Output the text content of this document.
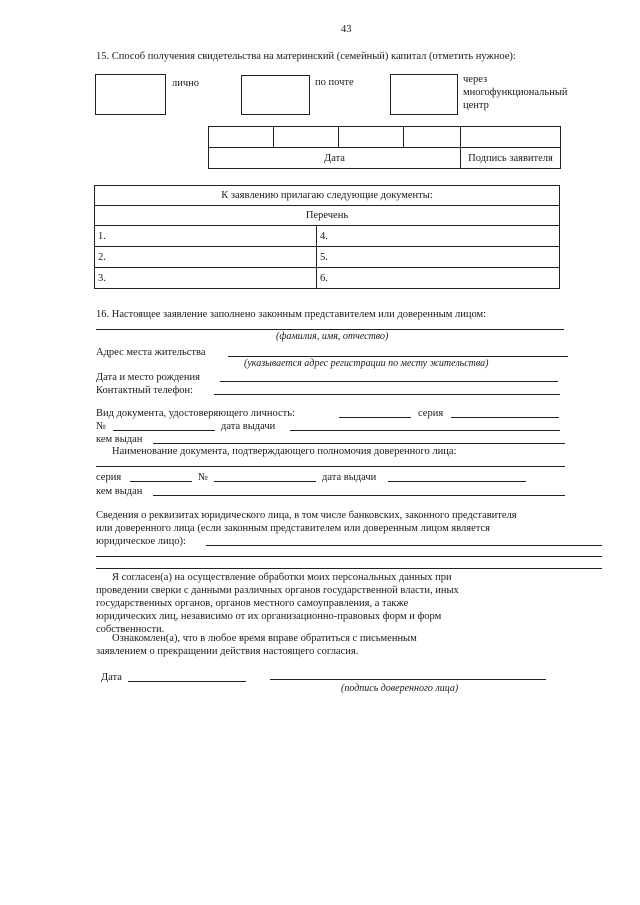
43
15. Способ получения свидетельства на материнский (семейный) капитал (отметить нужное):
лично	по почте	через
многофункциональный
центр

Дата				Подпись заявителя
К заявлению прилагаю следующие документы:	
Перечень	
1.	4.
2.	5.
3.	6.
16. Настоящее заявление заполнено законным представителем или доверенным лицом:
(фамилия, имя, отчество)
Адрес места жительства
(указывается адрес регистрации по месту жительства)
Дата и место рождения
Контактный телефон:
Вид документа, удостоверяющего личность:	серия
№	дата выдачи
кем выдан
Наименование документа, подтверждающего полномочия доверенного лица:
серия	№	дата выдачи
кем выдан
Сведения о реквизитах юридического лица, в том числе банковских, законного представителя
или доверенного лица (если законным представителем или доверенным лицом является
юридическое лицо):
Я согласен(а) на осуществление обработки моих персональных данных при
проведении сверки с данными различных органов государственной власти, иных
государственных органов, органов местного самоуправления, а также
юридических лиц, независимо от их организационно-правовых форм и форм
собственности.
Ознакомлен(а), что в любое время вправе обратиться с письменным
заявлением о прекращении действия настоящего согласия.
Дата
(подпись доверенного лица)
